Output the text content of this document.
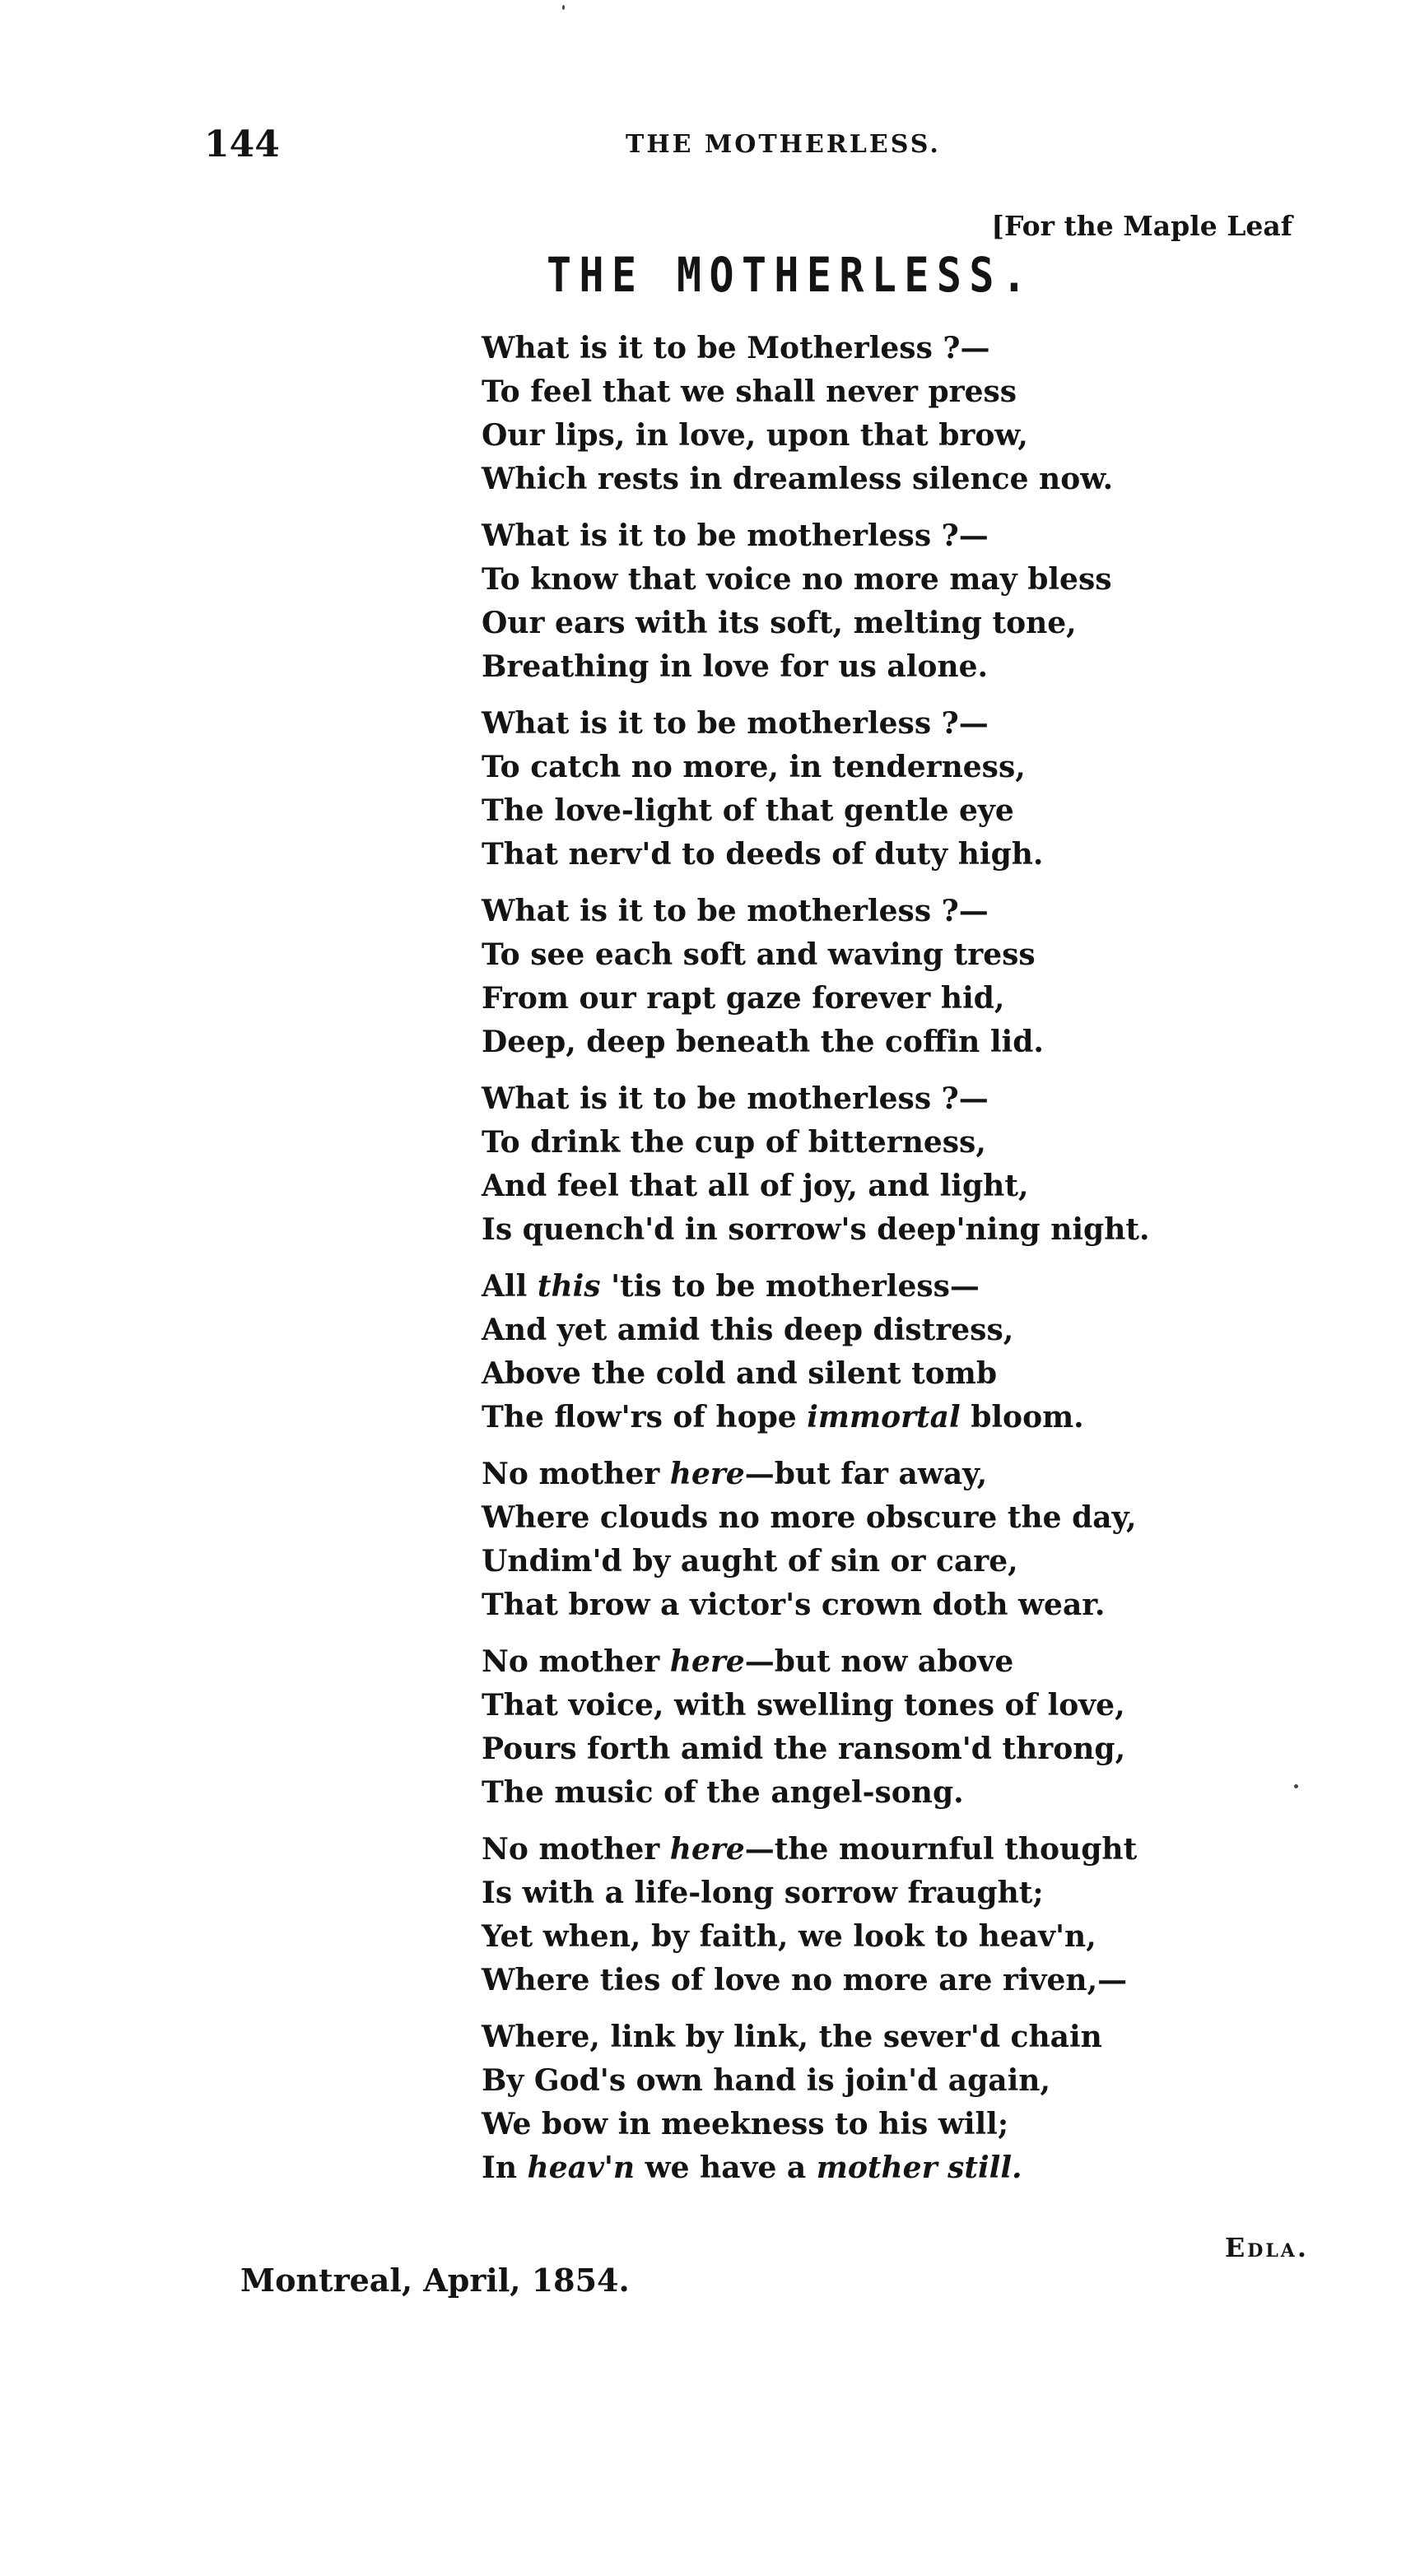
144	THE MOTHERLESS.
[For the Maple Leaf
THE MOTHERLESS.
What is it to be Motherless ?—
To feel that we shall never press
Our lips, in love, upon that brow,
Which rests in dreamless silence now.
What is it to be motherless ?—
To know that voice no more may bless
Our ears with its soft, melting tone,
Breathing in love for us alone.
What is it to be motherless ?—
To catch no more, in tenderness,
The love-light of that gentle eye
That nerv'd to deeds of duty high.
What is it to be motherless ?—
To see each soft and waving tress
From our rapt gaze forever hid,
Deep, deep beneath the coffin lid.
What is it to be motherless ?—
To drink the cup of bitterness,
And feel that all of joy, and light,
Is quench'd in sorrow's deep'ning night.
All this 'tis to be motherless—
And yet amid this deep distress,
Above the cold and silent tomb
The flow'rs of hope immortal bloom.
No mother here—but far away,
Where clouds no more obscure the day,
Undim'd by aught of sin or care,
That brow a victor's crown doth wear.
No mother here—but now above
That voice, with swelling tones of love,
Pours forth amid the ransom'd throng,
The music of the angel-song.
No mother here—the mournful thought
Is with a life-long sorrow fraught;
Yet when, by faith, we look to heav'n,
Where ties of love no more are riven,—
Where, link by link, the sever'd chain
By God's own hand is join'd again,
We bow in meekness to his will;
In heav'n we have a mother still.
Edla.
Montreal, April, 1854.
